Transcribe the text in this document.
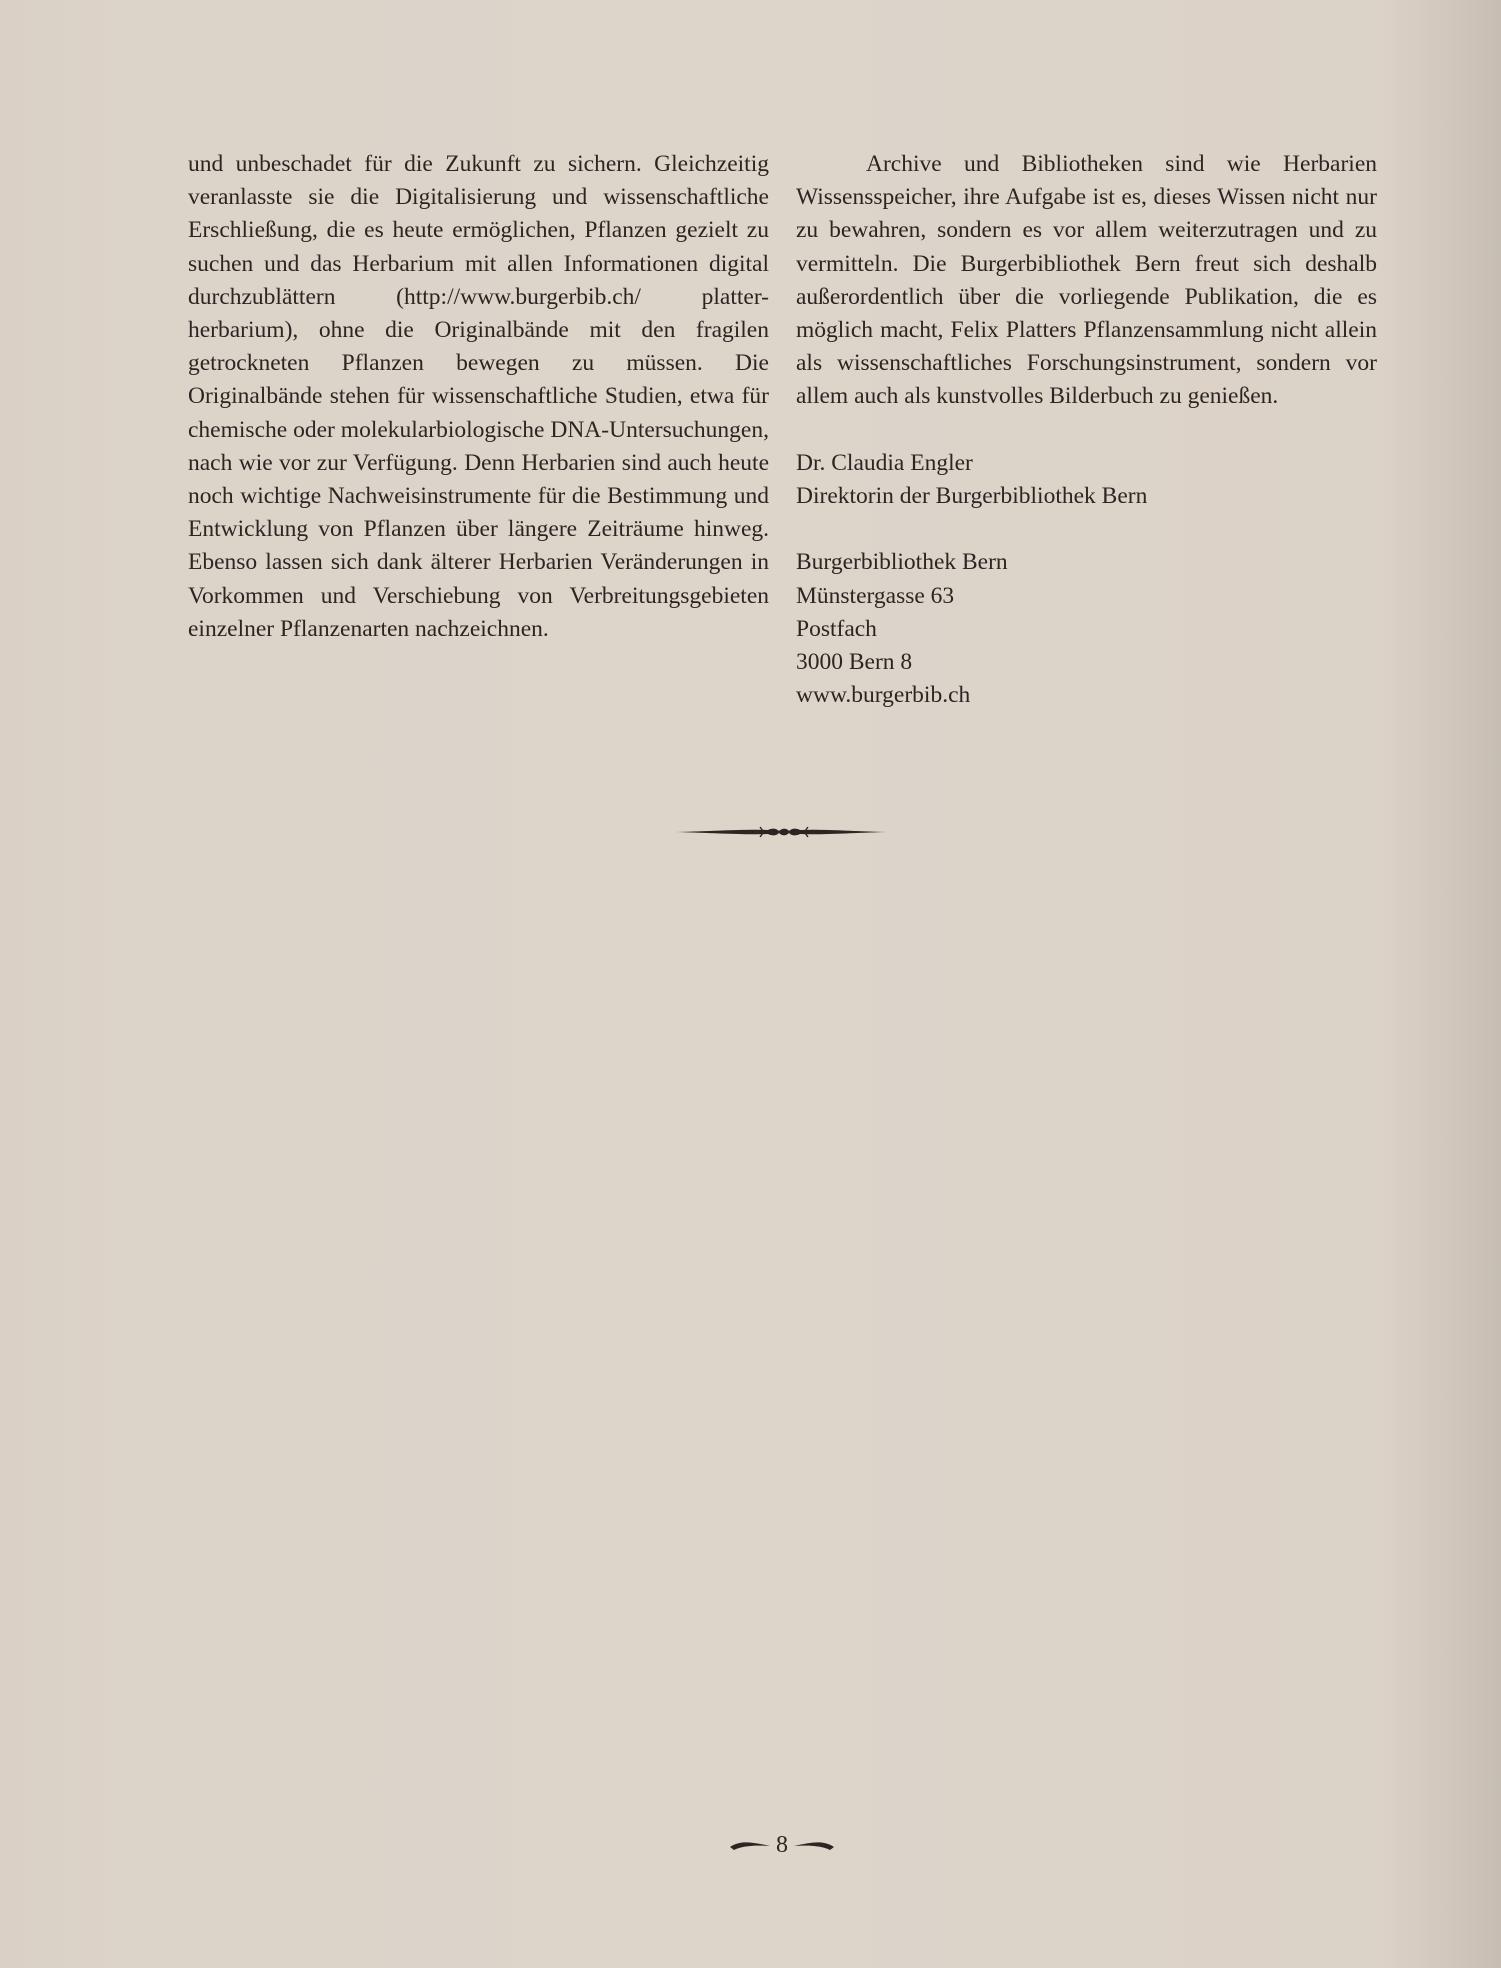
und unbeschadet für die Zukunft zu sichern. Gleichzeitig veranlasste sie die Digitalisierung und wissenschaftliche Erschließung, die es heute ermöglichen, Pflanzen gezielt zu suchen und das Herbarium mit allen Informationen digital durchzublättern (http://www.burgerbib.ch/ platter-herbarium), ohne die Originalbände mit den fragilen getrockneten Pflanzen bewegen zu müssen. Die Originalbände stehen für wissenschaftliche Studien, etwa für chemische oder molekularbiologische DNA-Untersuchungen, nach wie vor zur Verfügung. Denn Herbarien sind auch heute noch wichtige Nachweisinstrumente für die Bestimmung und Entwicklung von Pflanzen über längere Zeiträume hinweg. Ebenso lassen sich dank älterer Herbarien Veränderungen in Vorkommen und Verschiebung von Verbreitungsgebieten einzelner Pflanzenarten nachzeichnen.

Archive und Bibliotheken sind wie Herbarien Wissensspeicher, ihre Aufgabe ist es, dieses Wissen nicht nur zu bewahren, sondern es vor allem weiterzutragen und zu vermitteln. Die Burgerbibliothek Bern freut sich deshalb außerordentlich über die vorliegende Publikation, die es möglich macht, Felix Platters Pflanzensammlung nicht allein als wissenschaftliches Forschungsinstrument, sondern vor allem auch als kunstvolles Bilderbuch zu genießen.

Dr. Claudia Engler
Direktorin der Burgerbibliothek Bern

Burgerbibliothek Bern
Münstergasse 63
Postfach
3000 Bern 8
www.burgerbib.ch

8
